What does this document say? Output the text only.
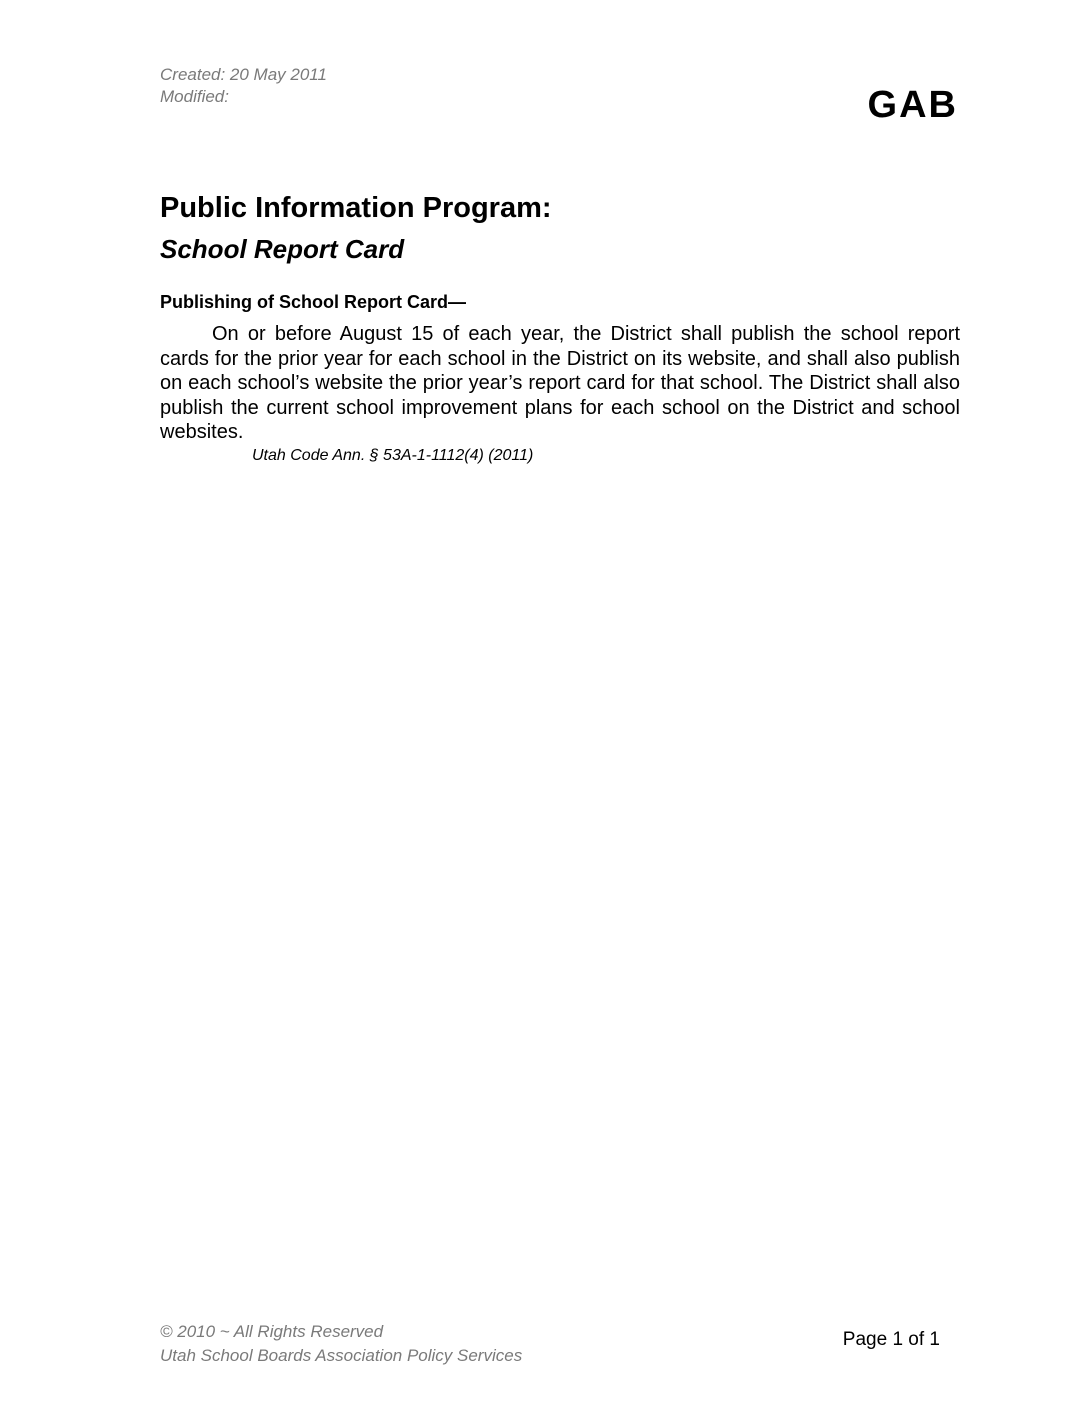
Created: 20 May 2011
Modified:	GAB
Public Information Program:
School Report Card
Publishing of School Report Card—

On or before August 15 of each year, the District shall publish the school report cards for the prior year for each school in the District on its website, and shall also publish on each school’s website the prior year’s report card for that school. The District shall also publish the current school improvement plans for each school on the District and school websites.

Utah Code Ann. § 53A-1-1112(4) (2011)
© 2010 ~ All Rights Reserved
Utah School Boards Association Policy Services
Page 1 of 1
